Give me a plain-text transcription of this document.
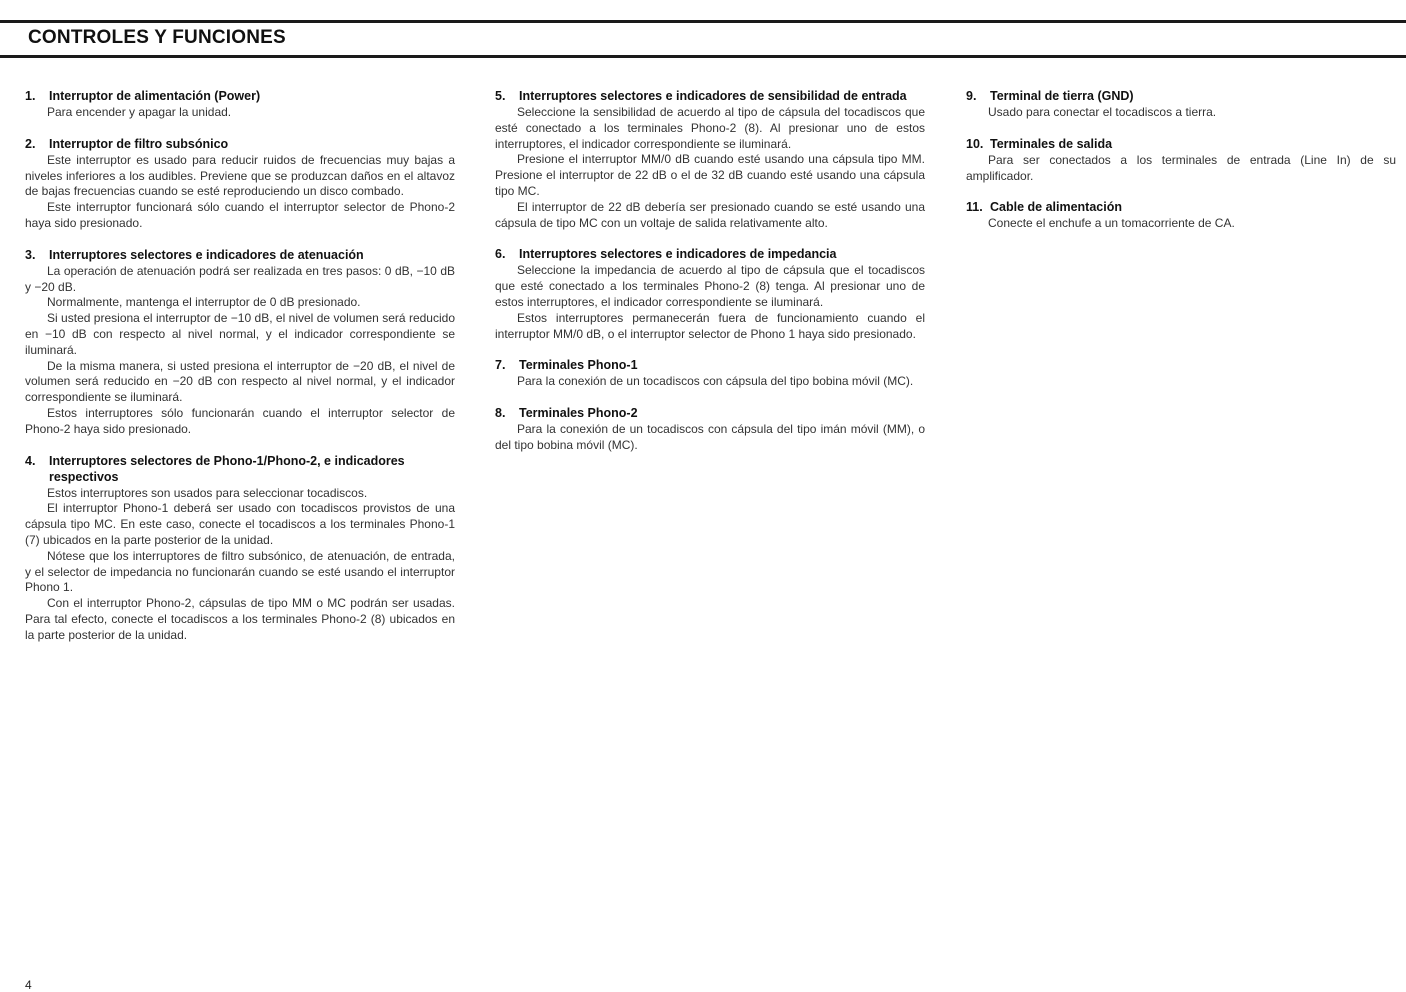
CONTROLES Y FUNCIONES
1.	Interruptor de alimentación (Power)

Para encender y apagar la unidad.

2.	Interruptor de filtro subsónico

Este interruptor es usado para reducir ruidos de frecuencias muy bajas a niveles inferiores a los audibles. Previene que se produzcan daños en el altavoz de bajas frecuencias cuando se esté reproduciendo un disco combado.

Este interruptor funcionará sólo cuando el interruptor selector de Phono-2 haya sido presionado.

3.	Interruptores selectores e indicadores de atenuación

La operación de atenuación podrá ser realizada en tres pasos: 0 dB, −10 dB y −20 dB.

Normalmente, mantenga el interruptor de 0 dB presionado.

Si usted presiona el interruptor de −10 dB, el nivel de volumen será reducido en −10 dB con respecto al nivel normal, y el indicador correspondiente se iluminará.

De la misma manera, si usted presiona el interruptor de −20 dB, el nivel de volumen será reducido en −20 dB con respecto al nivel normal, y el indicador correspondiente se iluminará.

Estos interruptores sólo funcionarán cuando el interruptor selector de Phono-2 haya sido presionado.

4.	Interruptores selectores de Phono-1/Phono-2, e indicadores respectivos

Estos interruptores son usados para seleccionar tocadiscos.

El interruptor Phono-1 deberá ser usado con tocadiscos provistos de una cápsula tipo MC. En este caso, conecte el tocadiscos a los terminales Phono-1 (7) ubicados en la parte posterior de la unidad.

Nótese que los interruptores de filtro subsónico, de atenuación, de entrada, y el selector de impedancia no funcionarán cuando se esté usando el interruptor Phono 1.

Con el interruptor Phono-2, cápsulas de tipo MM o MC podrán ser usadas. Para tal efecto, conecte el tocadiscos a los terminales Phono-2 (8) ubicados en la parte posterior de la unidad.

5.	Interruptores selectores e indicadores de sensibilidad de entrada

Seleccione la sensibilidad de acuerdo al tipo de cápsula del tocadiscos que esté conectado a los terminales Phono-2 (8). Al presionar uno de estos interruptores, el indicador correspondiente se iluminará.

Presione el interruptor MM/0 dB cuando esté usando una cápsula tipo MM. Presione el interruptor de 22 dB o el de 32 dB cuando esté usando una cápsula tipo MC.

El interruptor de 22 dB debería ser presionado cuando se esté usando una cápsula de tipo MC con un voltaje de salida relativamente alto.

6.	Interruptores selectores e indicadores de impedancia

Seleccione la impedancia de acuerdo al tipo de cápsula que el tocadiscos que esté conectado a los terminales Phono-2 (8) tenga. Al presionar uno de estos interruptores, el indicador correspondiente se iluminará.

Estos interruptores permanecerán fuera de funcionamiento cuando el interruptor MM/0 dB, o el interruptor selector de Phono 1 haya sido presionado.

7.	Terminales Phono-1

Para la conexión de un tocadiscos con cápsula del tipo bobina móvil (MC).

8.	Terminales Phono-2

Para la conexión de un tocadiscos con cápsula del tipo imán móvil (MM), o del tipo bobina móvil (MC).

9.	Terminal de tierra (GND)

Usado para conectar el tocadiscos a tierra.

10. Terminales de salida

Para ser conectados a los terminales de entrada (Line In) de su amplificador.

11. Cable de alimentación

Conecte el enchufe a un tomacorriente de CA.

4
